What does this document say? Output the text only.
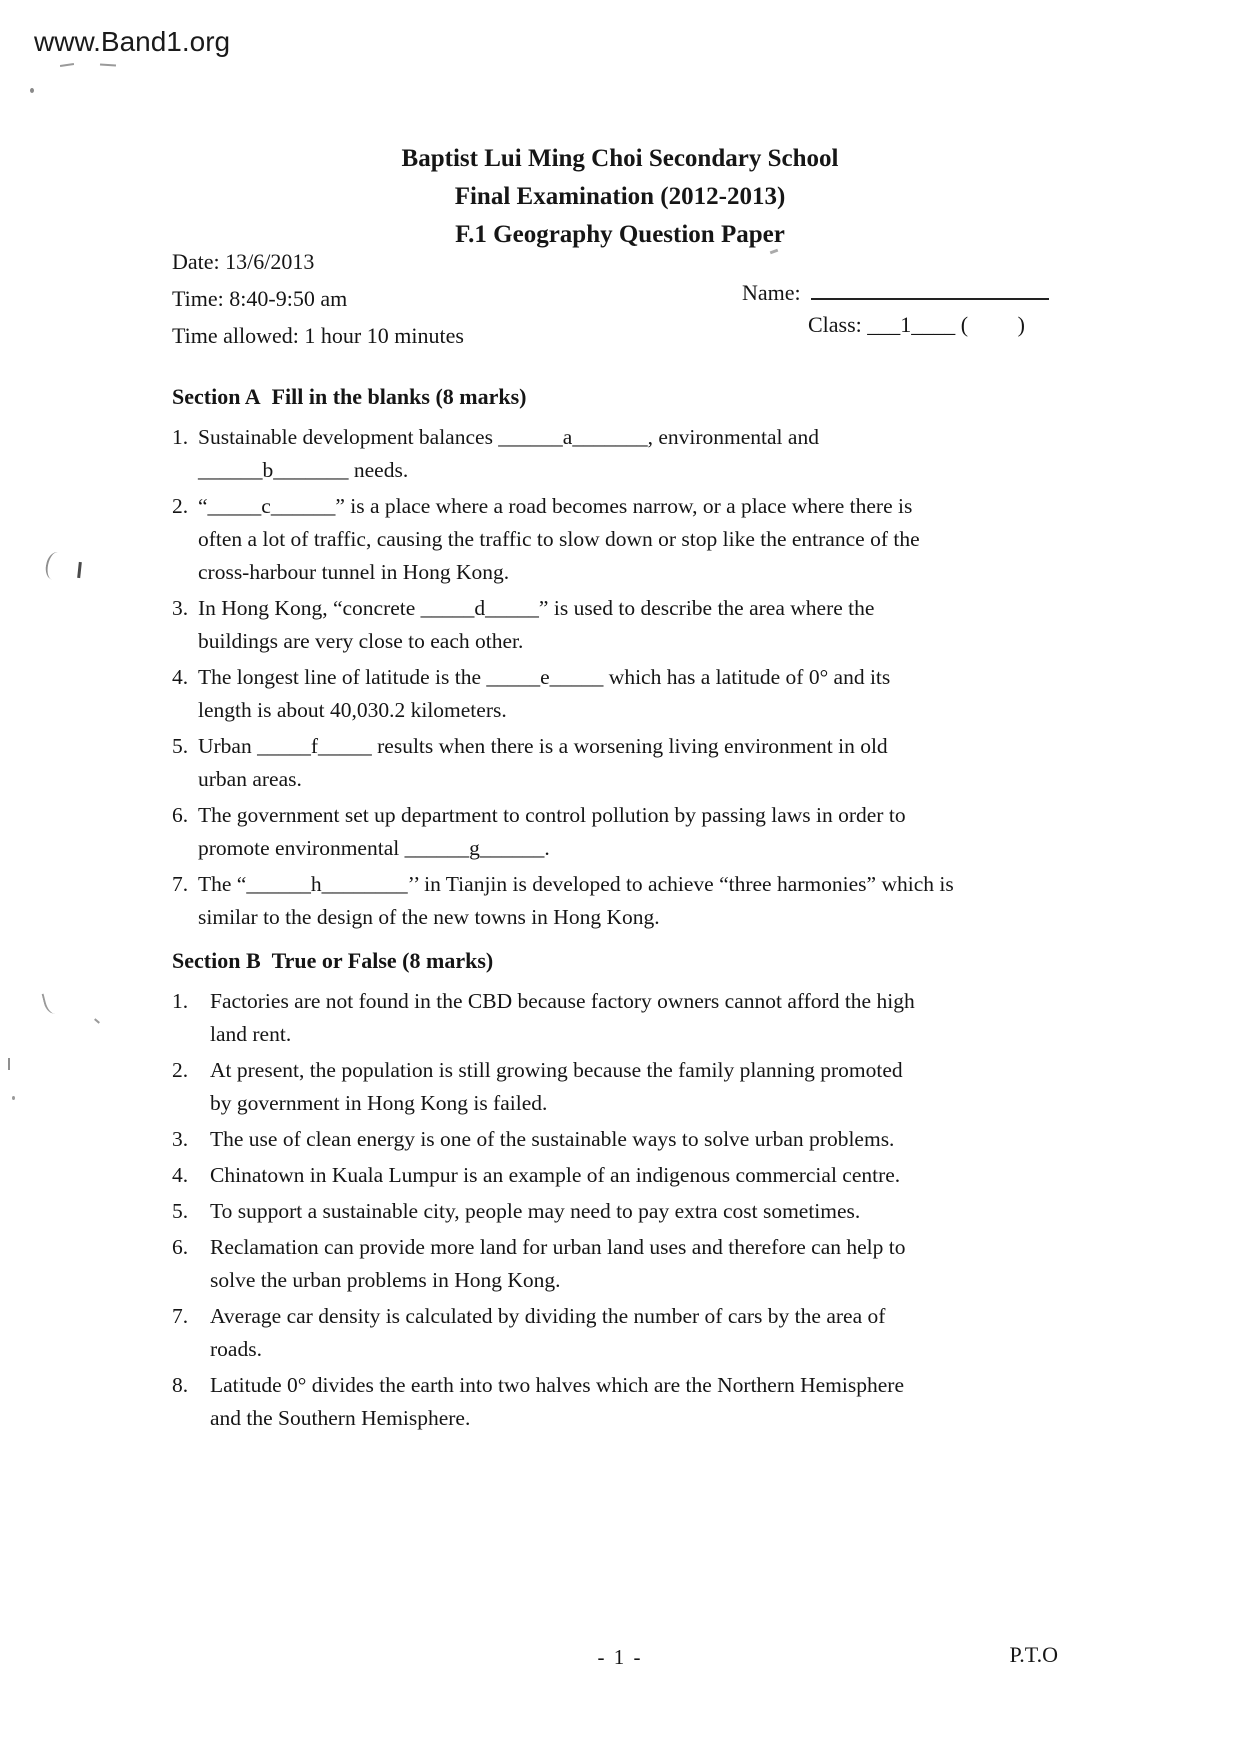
www.Band1.org
Baptist Lui Ming Choi Secondary School
Final Examination (2012-2013)
F.1 Geography Question Paper
Date: 13/6/2013
Time: 8:40-9:50 am
Time allowed: 1 hour 10 minutes
Name:
Class: ___1____ (         )
Section A Fill in the blanks (8 marks)
1. Sustainable development balances ______a_______, environmental and
______b_______ needs.
2. “_____c______” is a place where a road becomes narrow, or a place where there is
often a lot of traffic, causing the traffic to slow down or stop like the entrance of the
cross-harbour tunnel in Hong Kong.
3. In Hong Kong, “concrete _____d_____” is used to describe the area where the
buildings are very close to each other.
4. The longest line of latitude is the _____e_____ which has a latitude of 0° and its
length is about 40,030.2 kilometers.
5. Urban _____f_____ results when there is a worsening living environment in old
urban areas.
6. The government set up department to control pollution by passing laws in order to
promote environmental ______g______.
7. The “______h________’’ in Tianjin is developed to achieve “three harmonies” which is
similar to the design of the new towns in Hong Kong.
Section B True or False (8 marks)
1.	Factories are not found in the CBD because factory owners cannot afford the high
land rent.
2.	At present, the population is still growing because the family planning promoted
by government in Hong Kong is failed.
3.	The use of clean energy is one of the sustainable ways to solve urban problems.
4.	Chinatown in Kuala Lumpur is an example of an indigenous commercial centre.
5.	To support a sustainable city, people may need to pay extra cost sometimes.
6.	Reclamation can provide more land for urban land uses and therefore can help to
solve the urban problems in Hong Kong.
7.	Average car density is calculated by dividing the number of cars by the area of
roads.
8.	Latitude 0° divides the earth into two halves which are the Northern Hemisphere
and the Southern Hemisphere.
- 1 -	P.T.O
